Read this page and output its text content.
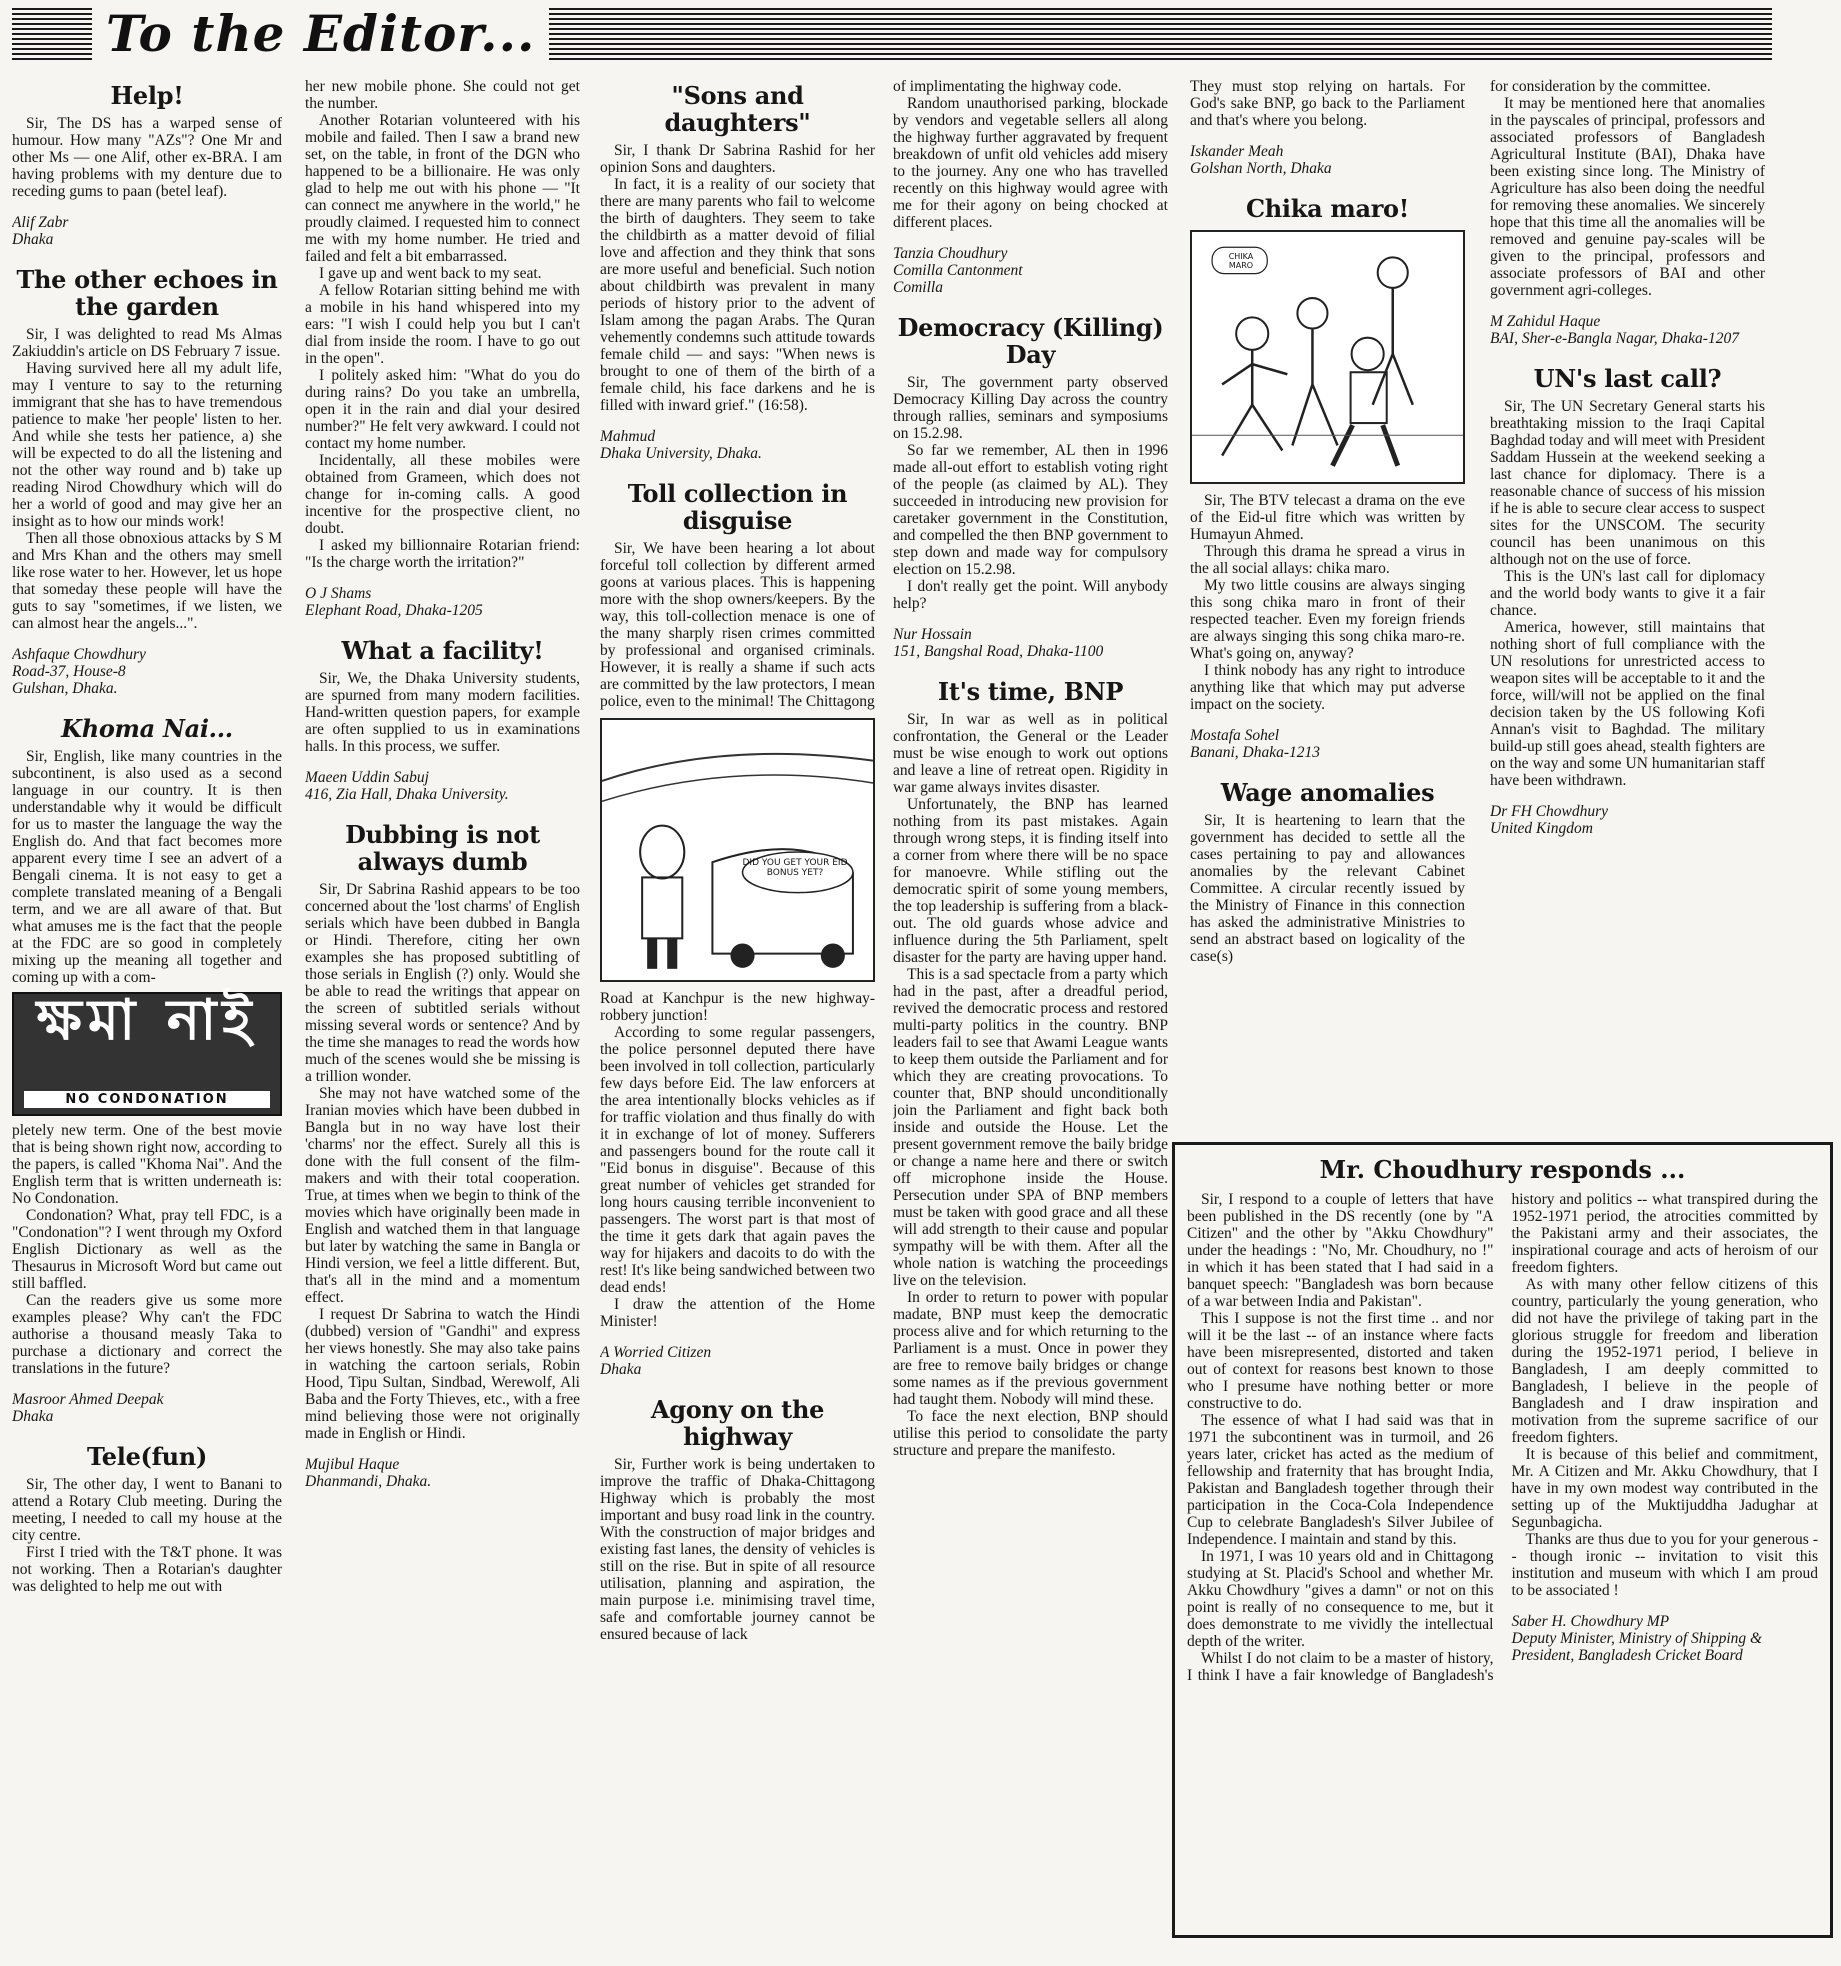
To the Editor...
Help!

Sir, The DS has a warped sense of humour. How many "AZs"? One Mr and other Ms — one Alif, other ex-BRA. I am having problems with my denture due to receding gums to paan (betel leaf).

Alif Zabr
Dhaka
The other echoes in the garden

Sir, I was delighted to read Ms Almas Zakiuddin's article on DS February 7 issue.

Having survived here all my adult life, may I venture to say to the returning immigrant that she has to have tremendous patience to make 'her people' listen to her. And while she tests her patience, a) she will be expected to do all the listening and not the other way round and b) take up reading Nirod Chowdhury which will do her a world of good and may give her an insight as to how our minds work!

Then all those obnoxious attacks by S M and Mrs Khan and the others may smell like rose water to her. However, let us hope that someday these people will have the guts to say "sometimes, if we listen, we can almost hear the angels...".

Ashfaque Chowdhury
Road-37, House-8
Gulshan, Dhaka.
Khoma Nai...

Sir, English, like many countries in the subcontinent, is also used as a second language in our country. It is then understandable why it would be difficult for us to master the language the way the English do. And that fact becomes more apparent every time I see an advert of a Bengali cinema. It is not easy to get a complete translated meaning of a Bengali term, and we are all aware of that. But what amuses me is the fact that the people at the FDC are so good in completely mixing up the meaning all together and coming up with a com-

ক্ষমা নাই
NO CONDONATION

pletely new term. One of the best movie that is being shown right now, according to the papers, is called "Khoma Nai". And the English term that is written underneath is: No Condonation.

Condonation? What, pray tell FDC, is a "Condonation"? I went through my Oxford English Dictionary as well as the Thesaurus in Microsoft Word but came out still baffled.

Can the readers give us some more examples please? Why can't the FDC authorise a thousand measly Taka to purchase a dictionary and correct the translations in the future?

Masroor Ahmed Deepak
Dhaka
Tele(fun)

Sir, The other day, I went to Banani to attend a Rotary Club meeting. During the meeting, I needed to call my house at the city centre.

First I tried with the T&T phone. It was not working. Then a Rotarian's daughter was delighted to help me out with

her new mobile phone. She could not get the number.

Another Rotarian volunteered with his mobile and failed. Then I saw a brand new set, on the table, in front of the DGN who happened to be a billionaire. He was only glad to help me out with his phone — "It can connect me anywhere in the world," he proudly claimed. I requested him to connect me with my home number. He tried and failed and felt a bit embarrassed.

I gave up and went back to my seat.

A fellow Rotarian sitting behind me with a mobile in his hand whispered into my ears: "I wish I could help you but I can't dial from inside the room. I have to go out in the open".

I politely asked him: "What do you do during rains? Do you take an umbrella, open it in the rain and dial your desired number?" He felt very awkward. I could not contact my home number.

Incidentally, all these mobiles were obtained from Grameen, which does not change for in-coming calls. A good incentive for the prospective client, no doubt.

I asked my billionnaire Rotarian friend: "Is the charge worth the irritation?"

O J Shams
Elephant Road, Dhaka-1205
What a facility!

Sir, We, the Dhaka University students, are spurned from many modern facilities. Hand-written question papers, for example are often supplied to us in examinations halls. In this process, we suffer.

Maeen Uddin Sabuj
416, Zia Hall, Dhaka University.
Dubbing is not always dumb

Sir, Dr Sabrina Rashid appears to be too concerned about the 'lost charms' of English serials which have been dubbed in Bangla or Hindi. Therefore, citing her own examples she has proposed subtitling of those serials in English (?) only. Would she be able to read the writings that appear on the screen of subtitled serials without missing several words or sentence? And by the time she manages to read the words how much of the scenes would she be missing is a trillion wonder.

She may not have watched some of the Iranian movies which have been dubbed in Bangla but in no way have lost their 'charms' nor the effect. Surely all this is done with the full consent of the film-makers and with their total cooperation. True, at times when we begin to think of the movies which have originally been made in English and watched them in that language but later by watching the same in Bangla or Hindi version, we feel a little different. But, that's all in the mind and a momentum effect.

I request Dr Sabrina to watch the Hindi (dubbed) version of "Gandhi" and express her views honestly. She may also take pains in watching the cartoon serials, Robin Hood, Tipu Sultan, Sindbad, Werewolf, Ali Baba and the Forty Thieves, etc., with a free mind believing those were not originally made in English or Hindi.

Mujibul Haque
Dhanmandi, Dhaka.
"Sons and daughters"

Sir, I thank Dr Sabrina Rashid for her opinion Sons and daughters.

In fact, it is a reality of our society that there are many parents who fail to welcome the birth of daughters. They seem to take the childbirth as a matter devoid of filial love and affection and they think that sons are more useful and beneficial. Such notion about childbirth was prevalent in many periods of history prior to the advent of Islam among the pagan Arabs. The Quran vehemently condemns such attitude towards female child — and says: "When news is brought to one of them of the birth of a female child, his face darkens and he is filled with inward grief." (16:58).

Mahmud
Dhaka University, Dhaka.
Toll collection in disguise

Sir, We have been hearing a lot about forceful toll collection by different armed goons at various places. This is happening more with the shop owners/keepers. By the way, this toll-collection menace is one of the many sharply risen crimes committed by professional and organised criminals. However, it is really a shame if such acts are committed by the law protectors, I mean police, even to the minimal! The Chittagong

DID YOU GET YOUR EID BONUS YET?

Road at Kanchpur is the new highway-robbery junction!

According to some regular passengers, the police personnel deputed there have been involved in toll collection, particularly few days before Eid. The law enforcers at the area intentionally blocks vehicles as if for traffic violation and thus finally do with it in exchange of lot of money. Sufferers and passengers bound for the route call it "Eid bonus in disguise". Because of this great number of vehicles get stranded for long hours causing terrible inconvenient to passengers. The worst part is that most of the time it gets dark that again paves the way for hijakers and dacoits to do with the rest! It's like being sandwiched between two dead ends!

I draw the attention of the Home Minister!

A Worried Citizen
Dhaka
Agony on the highway

Sir, Further work is being undertaken to improve the traffic of Dhaka-Chittagong Highway which is probably the most important and busy road link in the country. With the construction of major bridges and existing fast lanes, the density of vehicles is still on the rise. But in spite of all resource utilisation, planning and aspiration, the main purpose i.e. minimising travel time, safe and comfortable journey cannot be ensured because of lack

of implimentating the highway code.

Random unauthorised parking, blockade by vendors and vegetable sellers all along the highway further aggravated by frequent breakdown of unfit old vehicles add misery to the journey. Any one who has travelled recently on this highway would agree with me for their agony on being chocked at different places.

Tanzia Choudhury
Comilla Cantonment
Comilla
Democracy (Killing) Day

Sir, The government party observed Democracy Killing Day across the country through rallies, seminars and symposiums on 15.2.98.

So far we remember, AL then in 1996 made all-out effort to establish voting right of the people (as claimed by AL). They succeeded in introducing new provision for caretaker government in the Constitution, and compelled the then BNP government to step down and made way for compulsory election on 15.2.98.

I don't really get the point. Will anybody help?

Nur Hossain
151, Bangshal Road, Dhaka-1100
It's time, BNP

Sir, In war as well as in political confrontation, the General or the Leader must be wise enough to work out options and leave a line of retreat open. Rigidity in war game always invites disaster.

Unfortunately, the BNP has learned nothing from its past mistakes. Again through wrong steps, it is finding itself into a corner from where there will be no space for manoevre. While stifling out the democratic spirit of some young members, the top leadership is suffering from a black-out. The old guards whose advice and influence during the 5th Parliament, spelt disaster for the party are having upper hand.

This is a sad spectacle from a party which had in the past, after a dreadful period, revived the democratic process and restored multi-party politics in the country. BNP leaders fail to see that Awami League wants to keep them outside the Parliament and for which they are creating provocations. To counter that, BNP should unconditionally join the Parliament and fight back both inside and outside the House. Let the present government remove the baily bridge or change a name here and there or switch off microphone inside the House. Persecution under SPA of BNP members must be taken with good grace and all these will add strength to their cause and popular sympathy will be with them. After all the whole nation is watching the proceedings live on the television.

In order to return to power with popular madate, BNP must keep the democratic process alive and for which returning to the Parliament is a must. Once in power they are free to remove baily bridges or change some names as if the previous government had taught them. Nobody will mind these.

To face the next election, BNP should utilise this period to consolidate the party structure and prepare the manifesto.

They must stop relying on hartals. For God's sake BNP, go back to the Parliament and that's where you belong.

Iskander Meah
Golshan North, Dhaka
Chika maro!
CHIKA MARO

Sir, The BTV telecast a drama on the eve of the Eid-ul fitre which was written by Humayun Ahmed.

Through this drama he spread a virus in the all social allays: chika maro.

My two little cousins are always singing this song chika maro in front of their respected teacher. Even my foreign friends are always singing this song chika maro-re. What's going on, anyway?

I think nobody has any right to introduce anything like that which may put adverse impact on the society.

Mostafa Sohel
Banani, Dhaka-1213
Wage anomalies

Sir, It is heartening to learn that the government has decided to settle all the cases pertaining to pay and allowances anomalies by the relevant Cabinet Committee. A circular recently issued by the Ministry of Finance in this connection has asked the administrative Ministries to send an abstract based on logicality of the case(s)

for consideration by the committee.

It may be mentioned here that anomalies in the payscales of principal, professors and associated professors of Bangladesh Agricultural Institute (BAI), Dhaka have been existing since long. The Ministry of Agriculture has also been doing the needful for removing these anomalies. We sincerely hope that this time all the anomalies will be removed and genuine pay-scales will be given to the principal, professors and associate professors of BAI and other government agri-colleges.

M Zahidul Haque
BAI, Sher-e-Bangla Nagar, Dhaka-1207
UN's last call?

Sir, The UN Secretary General starts his breathtaking mission to the Iraqi Capital Baghdad today and will meet with President Saddam Hussein at the weekend seeking a last chance for diplomacy. There is a reasonable chance of success of his mission if he is able to secure clear access to suspect sites for the UNSCOM. The security council has been unanimous on this although not on the use of force.

This is the UN's last call for diplomacy and the world body wants to give it a fair chance.

America, however, still maintains that nothing short of full compliance with the UN resolutions for unrestricted access to weapon sites will be acceptable to it and the force, will/will not be applied on the final decision taken by the US following Kofi Annan's visit to Baghdad. The military build-up still goes ahead, stealth fighters are on the way and some UN humanitarian staff have been withdrawn.

Dr FH Chowdhury
United Kingdom
Mr. Choudhury responds ...

Sir, I respond to a couple of letters that have been published in the DS recently (one by "A Citizen" and the other by "Akku Chowdhury" under the headings : "No, Mr. Choudhury, no !" in which it has been stated that I had said in a banquet speech: "Bangladesh was born because of a war between India and Pakistan".

This I suppose is not the first time .. and nor will it be the last -- of an instance where facts have been misrepresented, distorted and taken out of context for reasons best known to those who I presume have nothing better or more constructive to do.

The essence of what I had said was that in 1971 the subcontinent was in turmoil, and 26 years later, cricket has acted as the medium of fellowship and fraternity that has brought India, Pakistan and Bangladesh together through their participation in the Coca-Cola Independence Cup to celebrate Bangladesh's Silver Jubilee of Independence. I maintain and stand by this.

In 1971, I was 10 years old and in Chittagong studying at St. Placid's School and whether Mr. Akku Chowdhury "gives a damn" or not on this point is really of no consequence to me, but it does demonstrate to me vividly the intellectual depth of the writer.

Whilst I do not claim to be a master of history, I think I have a fair knowledge of Bangladesh's history and politics -- what transpired during the 1952-1971 period, the atrocities committed by the Pakistani army and their associates, the inspirational courage and acts of heroism of our freedom fighters.

As with many other fellow citizens of this country, particularly the young generation, who did not have the privilege of taking part in the glorious struggle for freedom and liberation during the 1952-1971 period, I believe in Bangladesh, I am deeply committed to Bangladesh, I believe in the people of Bangladesh and I draw inspiration and motivation from the supreme sacrifice of our freedom fighters.

It is because of this belief and commitment, Mr. A Citizen and Mr. Akku Chowdhury, that I have in my own modest way contributed in the setting up of the Muktijuddha Jadughar at Segunbagicha.

Thanks are thus due to you for your generous -- though ironic -- invitation to visit this institution and museum with which I am proud to be associated !

Saber H. Chowdhury MP
Deputy Minister, Ministry of Shipping & President, Bangladesh Cricket Board
